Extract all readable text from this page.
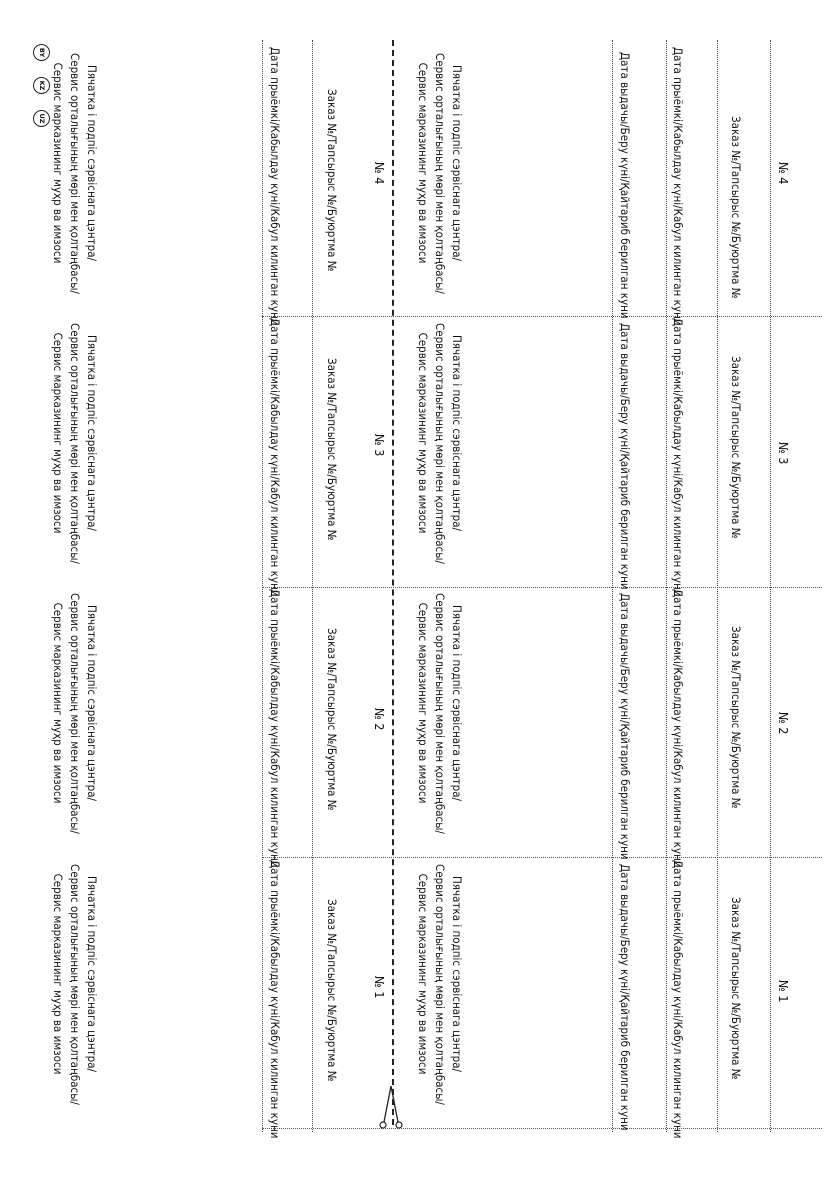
№ 4
Заказ №/Тапсырыс №/Буюртма №
Дата прыёмкі/Кабылдау күні/Кабул килинган куни
Дата выдачы/Беру күні/Қайтариб берилган куни
Пячатка і подпіс сэрвіснага цэнтра/
Сервис орталығының мөрі мен қолтаңбасы/
Сервис марказининг муҳр ва имзоси
№ 4
Заказ №/Тапсырыс №/Буюртма №
Дата прыёмкі/Кабылдау күні/Кабул килинган куни
Пячатка і подпіс сэрвіснага цэнтра/
Сервис орталығының мөрі мен қолтаңбасы/
Сервис марказининг муҳр ва имзоси
№ 3
Заказ №/Тапсырыс №/Буюртма №
Дата прыёмкі/Кабылдау күні/Кабул килинган куни
Дата выдачы/Беру күні/Қайтариб берилган куни
Пячатка і подпіс сэрвіснага цэнтра/
Сервис орталығының мөрі мен қолтаңбасы/
Сервис марказининг муҳр ва имзоси
№ 3
Заказ №/Тапсырыс №/Буюртма №
Дата прыёмкі/Кабылдау күні/Кабул килинган куни
Пячатка і подпіс сэрвіснага цэнтра/
Сервис орталығының мөрі мен қолтаңбасы/
Сервис марказининг муҳр ва имзоси
№ 2
Заказ №/Тапсырыс №/Буюртма №
Дата прыёмкі/Кабылдау күні/Кабул килинган куни
Дата выдачы/Беру күні/Қайтариб берилган куни
Пячатка і подпіс сэрвіснага цэнтра/
Сервис орталығының мөрі мен қолтаңбасы/
Сервис марказининг муҳр ва имзоси
№ 2
Заказ №/Тапсырыс №/Буюртма №
Дата прыёмкі/Кабылдау күні/Кабул килинган куни
Пячатка і подпіс сэрвіснага цэнтра/
Сервис орталығының мөрі мен қолтаңбасы/
Сервис марказининг муҳр ва имзоси
№ 1
Заказ №/Тапсырыс №/Буюртма №
Дата прыёмкі/Кабылдау күні/Кабул килинган куни
Дата выдачы/Беру күні/Қайтариб берилган куни
Пячатка і подпіс сэрвіснага цэнтра/
Сервис орталығының мөрі мен қолтаңбасы/
Сервис марказининг муҳр ва имзоси
№ 1
Заказ №/Тапсырыс №/Буюртма №
Дата прыёмкі/Кабылдау күні/Кабул килинган куни
Пячатка і подпіс сэрвіснага цэнтра/
Сервис орталығының мөрі мен қолтаңбасы/
Сервис марказининг муҳр ва имзоси
BY
KZ
UZ
